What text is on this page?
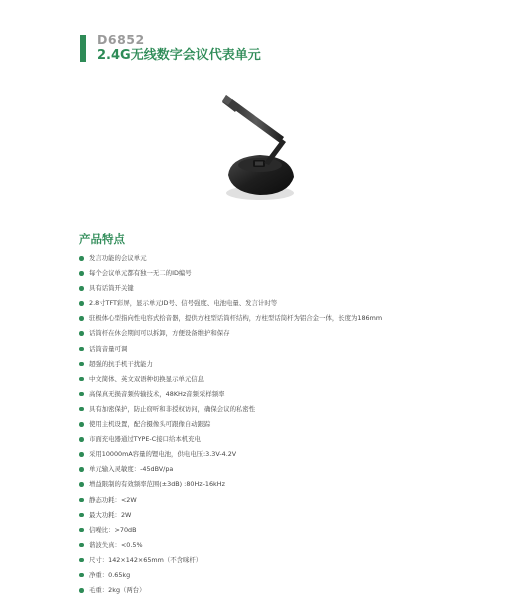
D6852
2.4G无线数字会议代表单元
产品特点
发言功能的会议单元
每个会议单元都有独一无二的ID编号
具有话筒开关键
2.8寸TFT彩屏，显示单元ID号、信号强度、电池电量、发言计时等
驻极体心型指向性电容式拾音器，提供方柱型话筒杆结构，方柱型话筒杆为铝合金一体，长度为186mm
话筒杆在休会期间可以拆卸，方便设备维护和保存
话筒音量可调
超强的抗手机干扰能力
中文简体、英文双语种切换显示单元信息
高保真无损音频传输技术，48KHz音频采样频率
具有加密保护，防止窃听和非授权访问，确保会议的私密性
使用主机设置，配合摄像头可跟像自动跟踪
市面充电器通过TYPE-C接口给本机充电
采用10000mA容量的锂电池，供电电压:3.3V-4.2V
单元输入灵敏度：-45dBV/pa
增益限制的有效频率范围(±3dB) :80Hz-16kHz
静态功耗：<2W
最大功耗：2W
信噪比：>70dB
谐波失真：<0.5%
尺寸：142×142×65mm（不含咪杆）
净重：0.65kg
毛重：2kg（两台）
